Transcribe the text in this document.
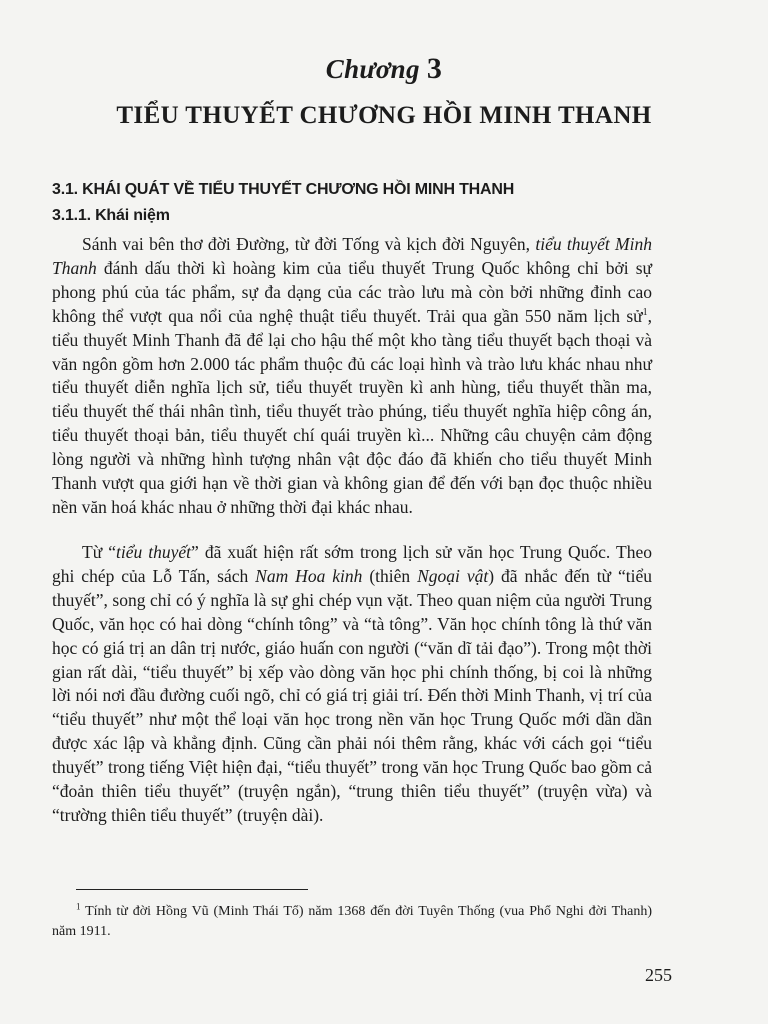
Chương 3
TIỂU THUYẾT CHƯƠNG HỒI MINH THANH
3.1. KHÁI QUÁT VỀ TIỂU THUYẾT CHƯƠNG HỒI MINH THANH
3.1.1. Khái niệm

Sánh vai bên thơ đời Đường, từ đời Tống và kịch đời Nguyên, tiểu thuyết Minh Thanh đánh dấu thời kì hoàng kim của tiểu thuyết Trung Quốc không chỉ bởi sự phong phú của tác phẩm, sự đa dạng của các trào lưu mà còn bởi những đỉnh cao không thể vượt qua nổi của nghệ thuật tiểu thuyết. Trải qua gần 550 năm lịch sử$^1$, tiểu thuyết Minh Thanh đã để lại cho hậu thế một kho tàng tiểu thuyết bạch thoại và văn ngôn gồm hơn 2.000 tác phẩm thuộc đủ các loại hình và trào lưu khác nhau như tiểu thuyết diễn nghĩa lịch sử, tiểu thuyết truyền kì anh hùng, tiểu thuyết thần ma, tiểu thuyết thế thái nhân tình, tiểu thuyết trào phúng, tiểu thuyết nghĩa hiệp công án, tiểu thuyết thoại bản, tiểu thuyết chí quái truyền kì... Những câu chuyện cảm động lòng người và những hình tượng nhân vật độc đáo đã khiến cho tiểu thuyết Minh Thanh vượt qua giới hạn về thời gian và không gian để đến với bạn đọc thuộc nhiều nền văn hoá khác nhau ở những thời đại khác nhau.

Từ “tiểu thuyết” đã xuất hiện rất sớm trong lịch sử văn học Trung Quốc. Theo ghi chép của Lỗ Tấn, sách Nam Hoa kinh (thiên Ngoại vật) đã nhắc đến từ “tiểu thuyết”, song chỉ có ý nghĩa là sự ghi chép vụn vặt. Theo quan niệm của người Trung Quốc, văn học có hai dòng “chính tông” và “tà tông”. Văn học chính tông là thứ văn học có giá trị an dân trị nước, giáo huấn con người (“văn dĩ tải đạo”). Trong một thời gian rất dài, “tiểu thuyết” bị xếp vào dòng văn học phi chính thống, bị coi là những lời nói nơi đầu đường cuối ngõ, chỉ có giá trị giải trí. Đến thời Minh Thanh, vị trí của “tiểu thuyết” như một thể loại văn học trong nền văn học Trung Quốc mới dần dần được xác lập và khẳng định. Cũng cần phải nói thêm rằng, khác với cách gọi “tiểu thuyết” trong tiếng Việt hiện đại, “tiểu thuyết” trong văn học Trung Quốc bao gồm cả “đoản thiên tiểu thuyết” (truyện ngắn), “trung thiên tiểu thuyết” (truyện vừa) và “trường thiên tiểu thuyết” (truyện dài).

$^1$ Tính từ đời Hồng Vũ (Minh Thái Tổ) năm 1368 đến đời Tuyên Thống (vua Phổ Nghi đời Thanh) năm 1911.

255
